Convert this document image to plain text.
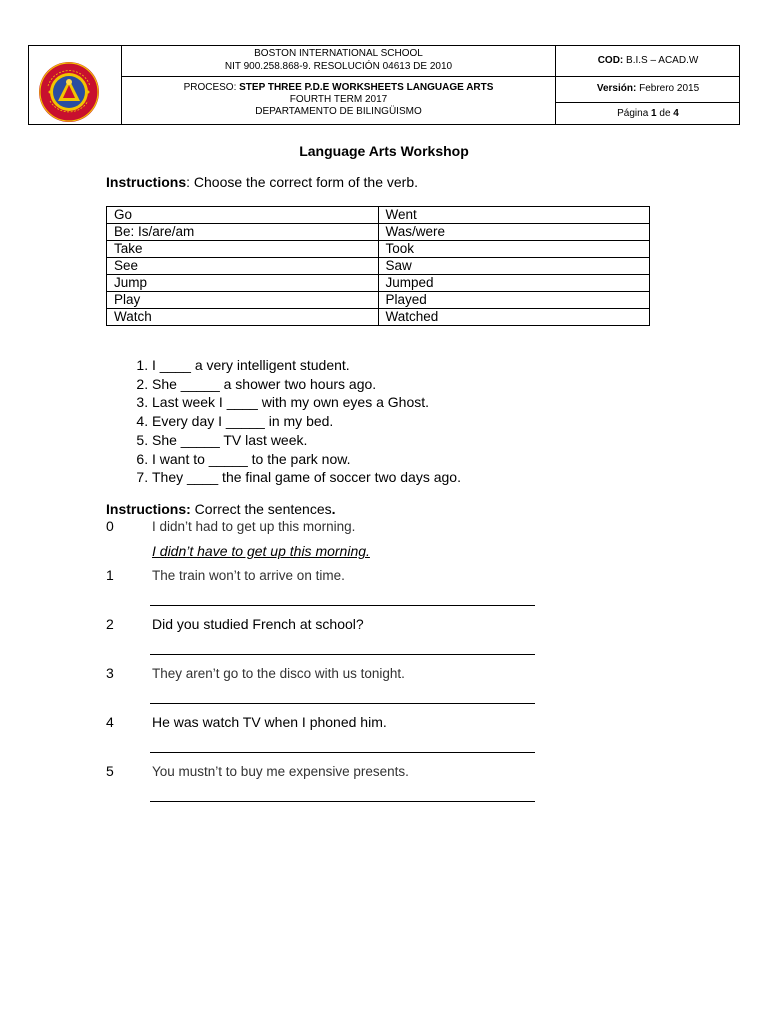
BOSTON INTERNATIONAL SCHOOL
NIT 900.258.868-9. RESOLUCIÓN 04613 DE 2010
PROCESO: STEP THREE P.D.E WORKSHEETS LANGUAGE ARTS
FOURTH TERM 2017
DEPARTAMENTO DE BILINGÜISMO
COD: B.I.S – ACAD.W
Versión: Febrero 2015
Página 1 de 4
Language Arts Workshop
Instructions: Choose the correct form of the verb.
Go	Went
Be: Is/are/am	Was/were
Take	Took
See	Saw
Jump	Jumped
Play	Played
Watch	Watched
1. I ____ a very intelligent student.
2. She _____ a shower two hours ago.
3. Last week I ____ with my own eyes a Ghost.
4. Every day I _____ in my bed.
5. She _____ TV last week.
6. I want to _____ to the park now.
7. They ____ the final game of soccer two days ago.
Instructions: Correct the sentences.
0	I didn’t had to get up this morning.
I didn’t have to get up this morning.
1	The train won’t to arrive on time.
2	Did you studied French at school?
3	They aren’t go to the disco with us tonight.
4	He was watch TV when I phoned him.
5	You mustn’t to buy me expensive presents.
